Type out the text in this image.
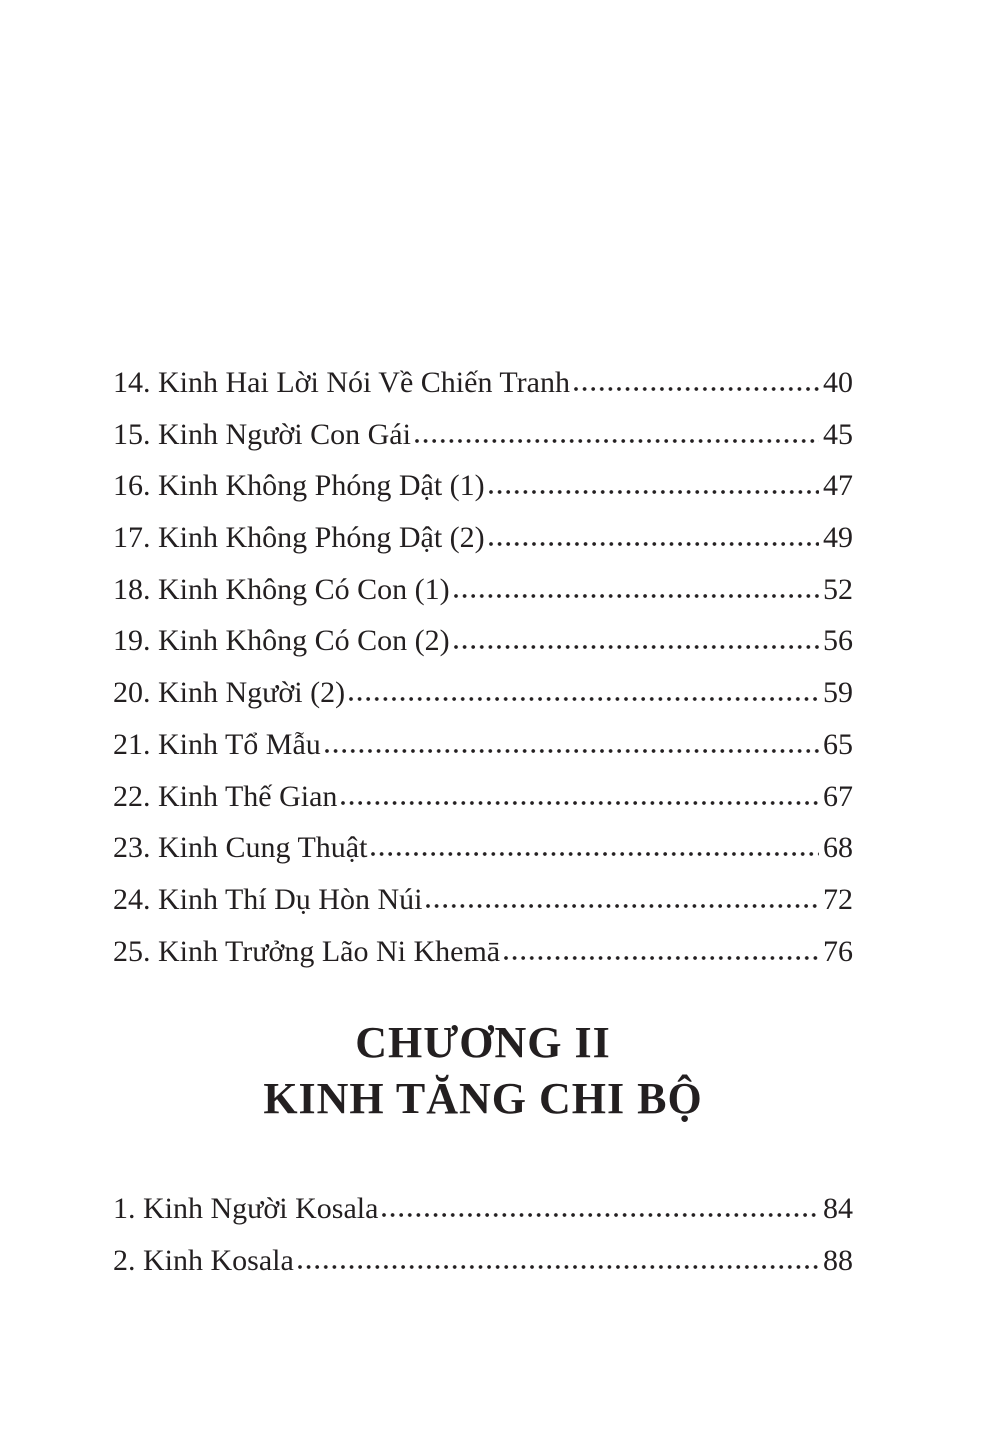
14. Kinh Hai Lời Nói Về Chiến Tranh	40
15. Kinh Người Con Gái	45
16. Kinh Không Phóng Dật (1)	47
17. Kinh Không Phóng Dật (2)	49
18. Kinh Không Có Con (1)	52
19. Kinh Không Có Con (2)	56
20. Kinh Người (2)	59
21. Kinh Tổ Mẫu	65
22. Kinh Thế Gian	67
23. Kinh Cung Thuật	68
24. Kinh Thí Dụ Hòn Núi	72
25. Kinh Trưởng Lão Ni Khemā	76
CHƯƠNG II
KINH TĂNG CHI BỘ
1. Kinh Người Kosala	84
2. Kinh Kosala	88
